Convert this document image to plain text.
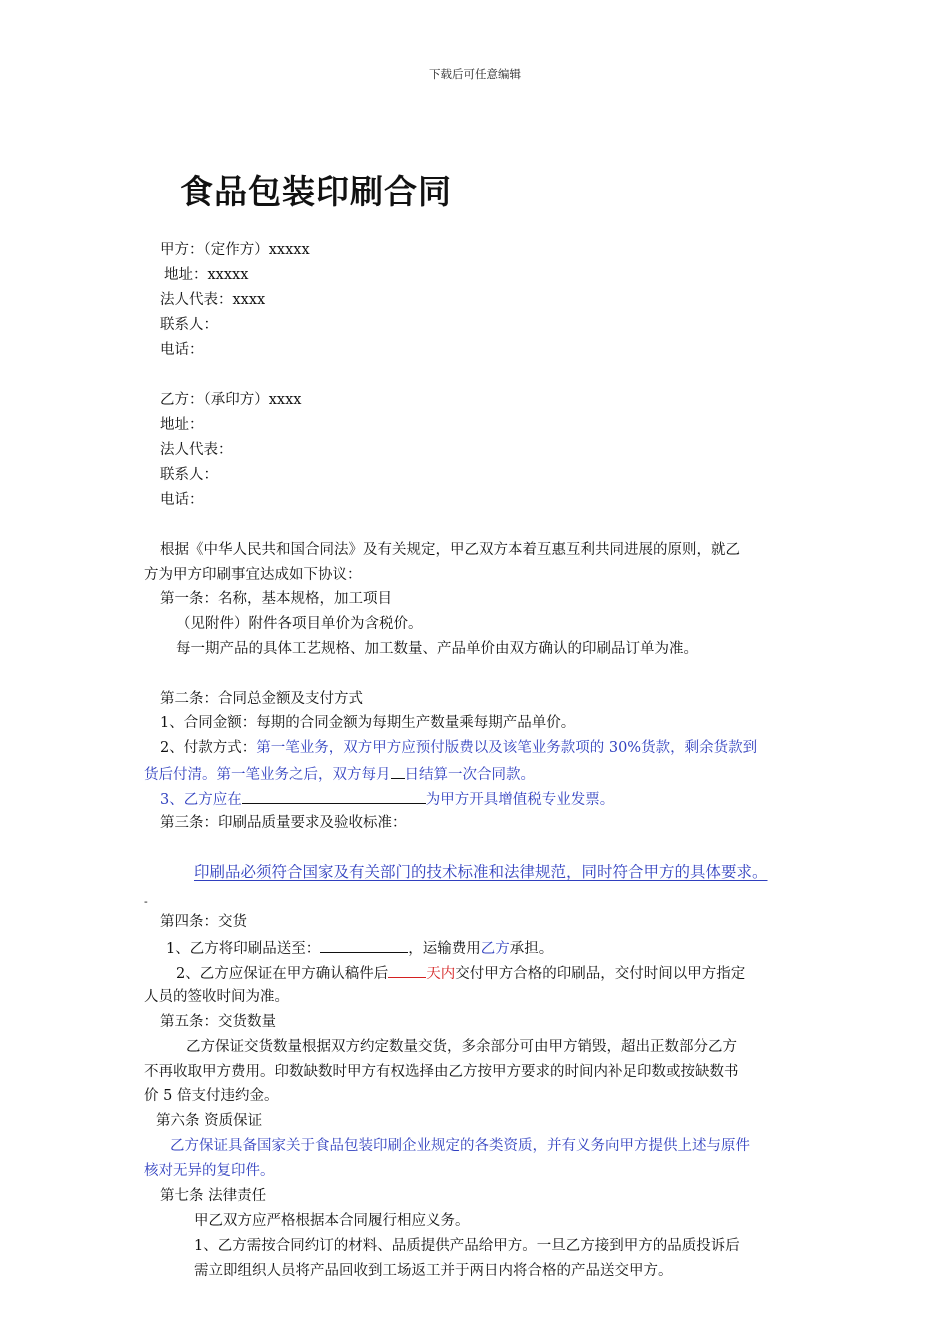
下载后可任意编辑
食品包装印刷合同
甲方：（定作方）xxxxx
地址：xxxxx
法人代表：xxxx
联系人：
电话：
乙方：（承印方）xxxx
地址：
法人代表：
联系人：
电话：
根据《中华人民共和国合同法》及有关规定，甲乙双方本着互惠互利共同进展的原则，就乙
方为甲方印刷事宜达成如下协议：
第一条：名称，基本规格，加工项目
（见附件）附件各项目单价为含税价。
每一期产品的具体工艺规格、加工数量、产品单价由双方确认的印刷品订单为准。
第二条：合同总金额及支付方式
1、合同金额：每期的合同金额为每期生产数量乘每期产品单价。
2、付款方式：第一笔业务，双方甲方应预付版费以及该笔业务款项的 30%货款，剩余货款到
货后付清。第一笔业务之后，双方每月 日结算一次合同款。
3、乙方应在	为甲方开具增值税专业发票。
第三条：印刷品质量要求及验收标准：
印刷品必须符合国家及有关部门的技术标准和法律规范，同时符合甲方的具体要求。
-
第四条：交货
1、乙方将印刷品送至：	，运输费用乙方承担。
2、乙方应保证在甲方确认稿件后	天内交付甲方合格的印刷品，交付时间以甲方指定
人员的签收时间为准。
第五条：交货数量
乙方保证交货数量根据双方约定数量交货，多余部分可由甲方销毁，超出正数部分乙方
不再收取甲方费用。印数缺数时甲方有权选择由乙方按甲方要求的时间内补足印数或按缺数书
价 5 倍支付违约金。
第六条 资质保证
乙方保证具备国家关于食品包装印刷企业规定的各类资质，并有义务向甲方提供上述与原件
核对无异的复印件。
第七条 法律责任
甲乙双方应严格根据本合同履行相应义务。
1、乙方需按合同约订的材料、品质提供产品给甲方。一旦乙方接到甲方的品质投诉后
需立即组织人员将产品回收到工场返工并于两日内将合格的产品送交甲方。
